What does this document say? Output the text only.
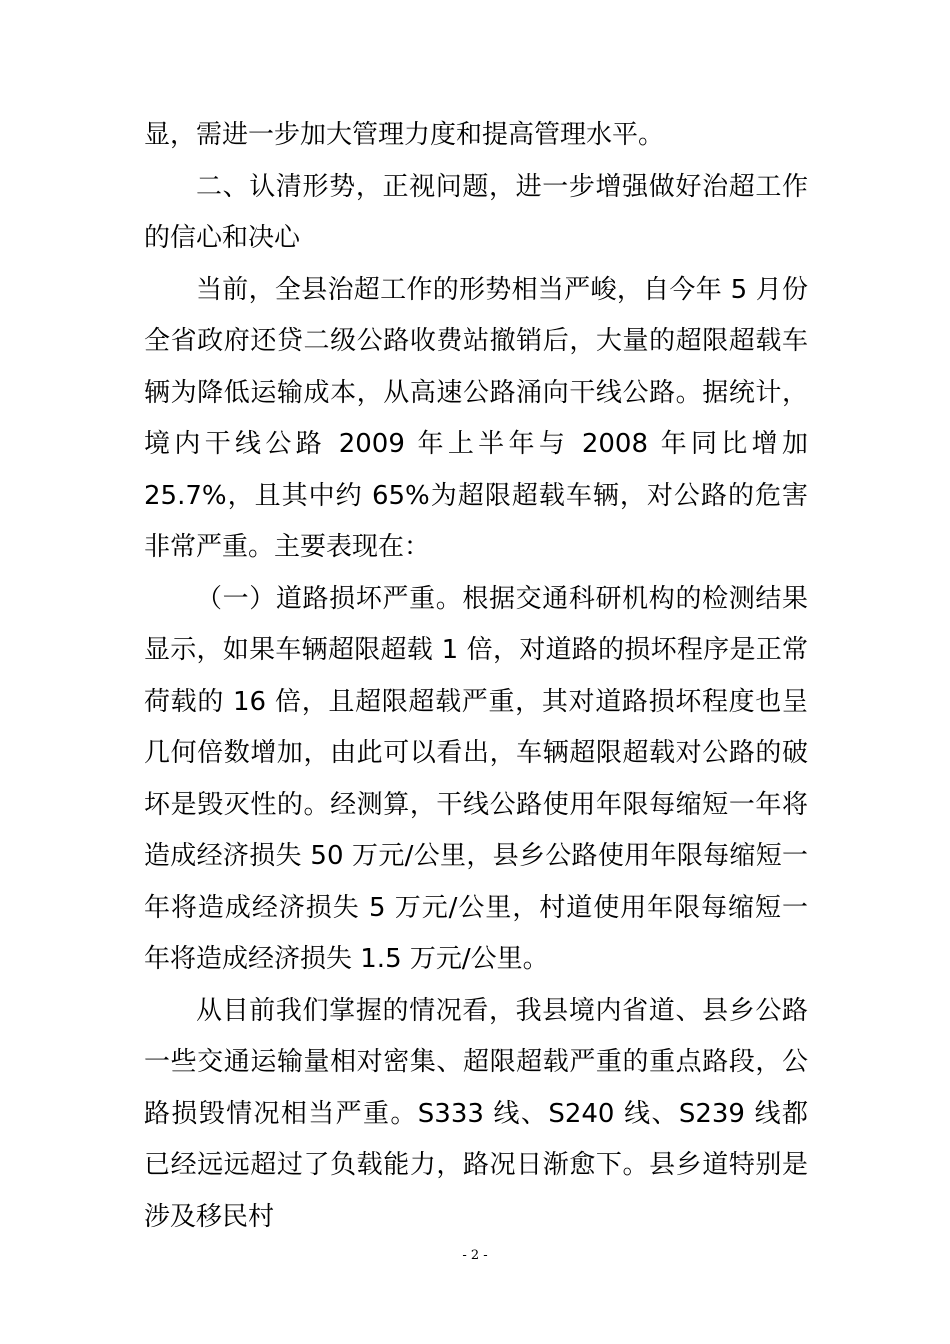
显，需进一步加大管理力度和提高管理水平。

二、认清形势，正视问题，进一步增强做好治超工作的信心和决心

当前，全县治超工作的形势相当严峻，自今年 5 月份全省政府还贷二级公路收费站撤销后，大量的超限超载车辆为降低运输成本，从高速公路涌向干线公路。据统计，境内干线公路 2009 年上半年与 2008 年同比增加 25.7%，且其中约 65%为超限超载车辆，对公路的危害非常严重。主要表现在：

（一）道路损坏严重。根据交通科研机构的检测结果显示，如果车辆超限超载 1 倍，对道路的损坏程序是正常荷载的 16 倍，且超限超载严重，其对道路损坏程度也呈几何倍数增加，由此可以看出，车辆超限超载对公路的破坏是毁灭性的。经测算，干线公路使用年限每缩短一年将造成经济损失 50 万元/公里，县乡公路使用年限每缩短一年将造成经济损失 5 万元/公里，村道使用年限每缩短一年将造成经济损失 1.5 万元/公里。

从目前我们掌握的情况看，我县境内省道、县乡公路一些交通运输量相对密集、超限超载严重的重点路段，公路损毁情况相当严重。S333 线、S240 线、S239 线都已经远远超过了负载能力，路况日渐愈下。县乡道特别是涉及移民村

- 2 -
